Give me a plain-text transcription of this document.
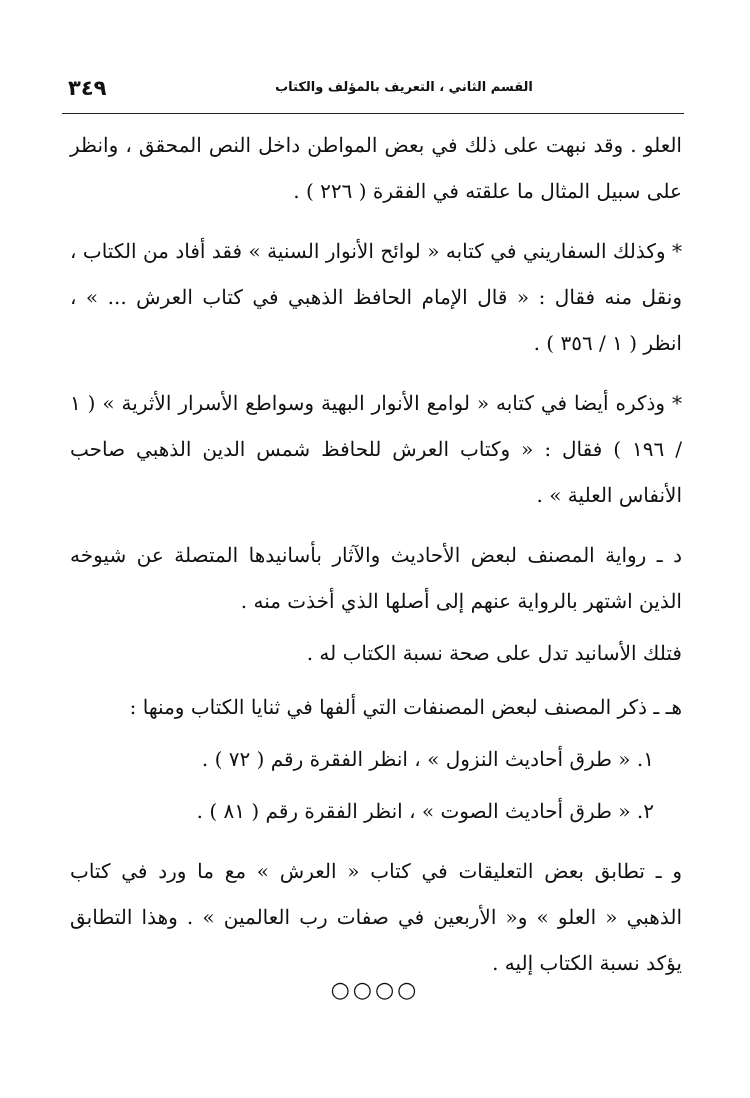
٣٤٩	القسم الثاني ، التعريف بالمؤلف والكتاب

العلو . وقد نبهت على ذلك في بعض المواطن داخل النص المحقق ، وانظر على سبيل المثال ما علقته في الفقرة ( ٢٢٦ ) .

* وكذلك السفاريني في كتابه « لوائح الأنوار السنية » فقد أفاد من الكتاب ، ونقل منه فقال : « قال الإمام الحافظ الذهبي في كتاب العرش ... » ، انظر ( ١ / ٣٥٦ ) .

* وذكره أيضا في كتابه « لوامع الأنوار البهية وسواطع الأسرار الأثرية » ( ١ / ١٩٦ ) فقال : « وكتاب العرش للحافظ شمس الدين الذهبي صاحب الأنفاس العلية » .

د ـ رواية المصنف لبعض الأحاديث والآثار بأسانيدها المتصلة عن شيوخه الذين اشتهر بالرواية عنهم إلى أصلها الذي أخذت منه .

فتلك الأسانيد تدل على صحة نسبة الكتاب له .

هـ ـ ذكر المصنف لبعض المصنفات التي ألفها في ثنايا الكتاب ومنها :

١. « طرق أحاديث النزول » ، انظر الفقرة رقم ( ٧٢ ) .

٢. « طرق أحاديث الصوت » ، انظر الفقرة رقم ( ٨١ ) .

و ـ تطابق بعض التعليقات في كتاب « العرش » مع ما ورد في كتاب الذهبي « العلو » و« الأربعين في صفات رب العالمين » . وهذا التطابق يؤكد نسبة الكتاب إليه .

○○○○
